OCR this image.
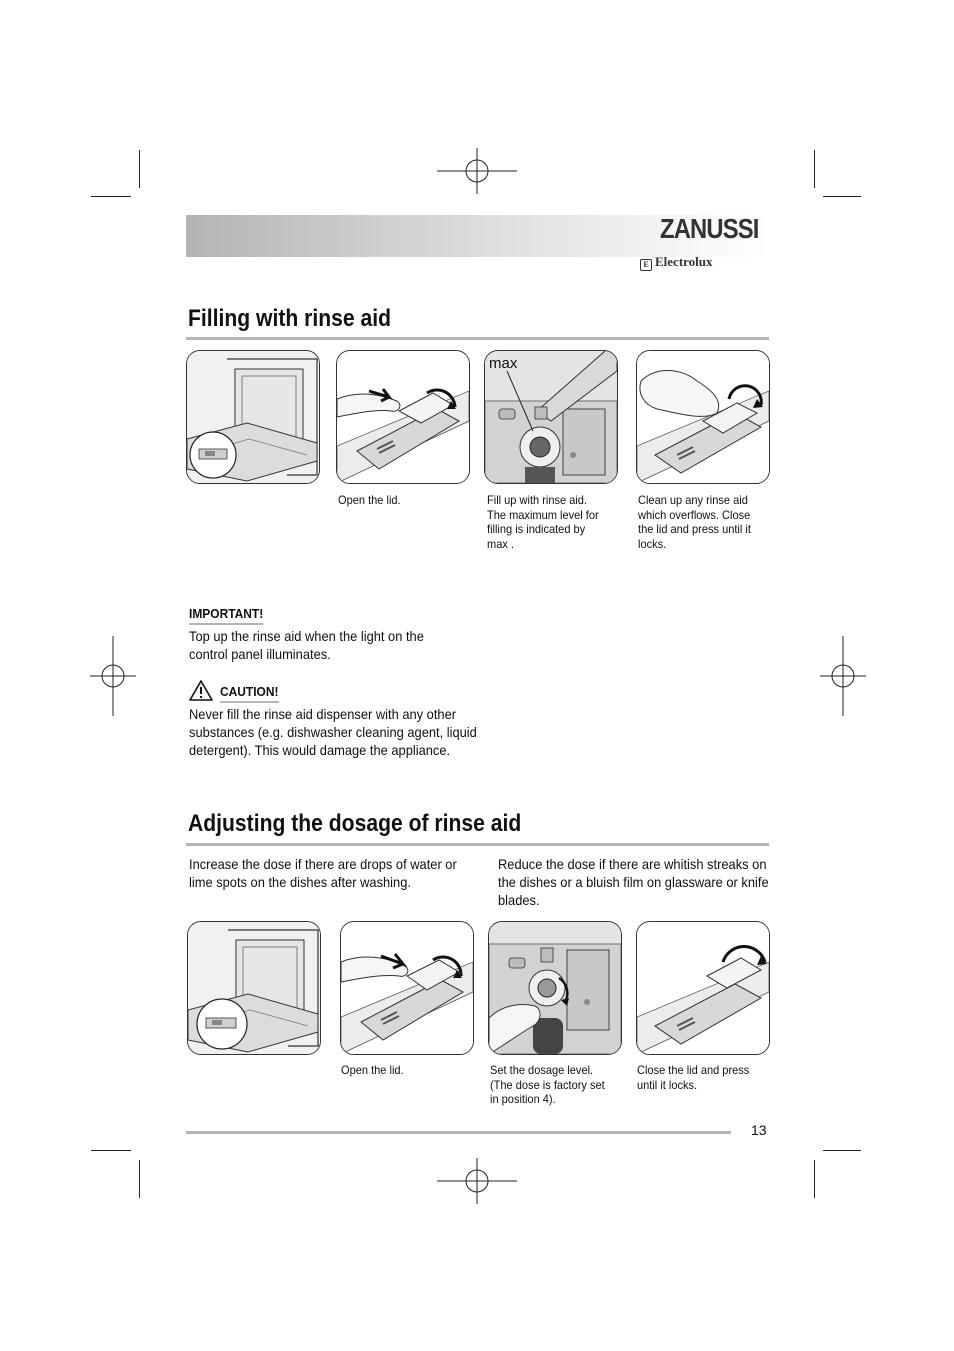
ZANUSSI
E Electrolux
Filling with rinse aid
max
Open the lid.	Fill up with rinse aid. The maximum level for filling is indicated by max .
Clean up any rinse aid which overflows. Close the lid and press until it locks.
IMPORTANT!
Top up the rinse aid when the light on the control panel illuminates.
CAUTION!
Never fill the rinse aid dispenser with any other substances (e.g. dishwasher cleaning agent, liquid detergent). This would damage the appliance.
Adjusting the dosage of rinse aid
Increase the dose if there are drops of water or lime spots on the dishes after washing.
Reduce the dose if there are whitish streaks on the dishes or a bluish film on glassware or knife blades.
Open the lid.	Set the dosage level. (The dose is factory set in position 4).
Close the lid and press until it locks.
13
